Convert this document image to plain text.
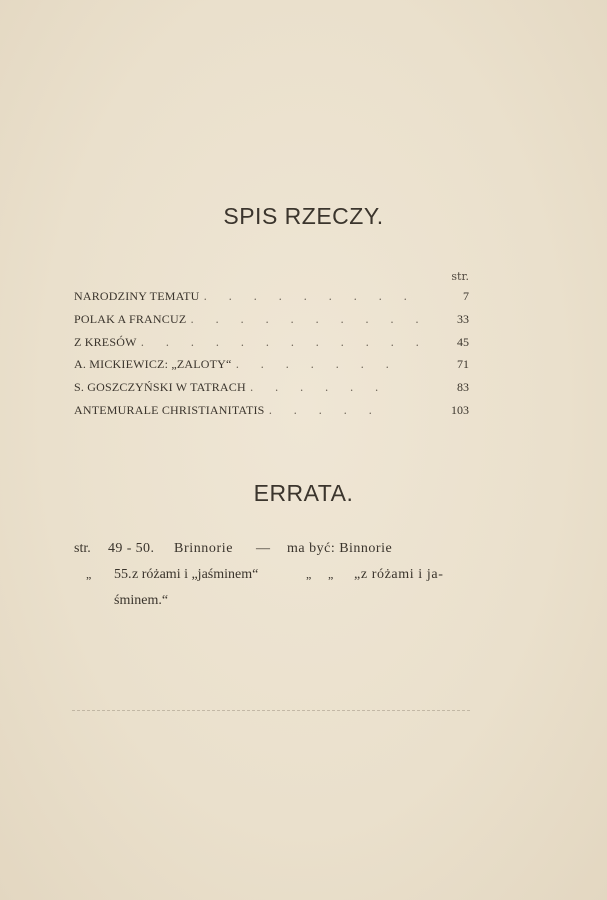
SPIS RZECZY.
str.
NARODZINY TEMATU . . . . . . . . .	7
POLAK A FRANCUZ . . . . . . . . . .	33
Z KRESÓW . . . . . . . . . . . .	45
A. MICKIEWICZ: „ZALOTY“ . . . . . . .	71
S. GOSZCZYŃSKI W TATRACH . . . . . .	83
ANTEMURALE CHRISTIANITATIS . . . . .	103
ERRATA.
str. 49 - 50. Brinnorie — ma być: Binnorie
„ 55. z różami i „jaśminem“	„ „ „z różami i ja-
śminem.“
